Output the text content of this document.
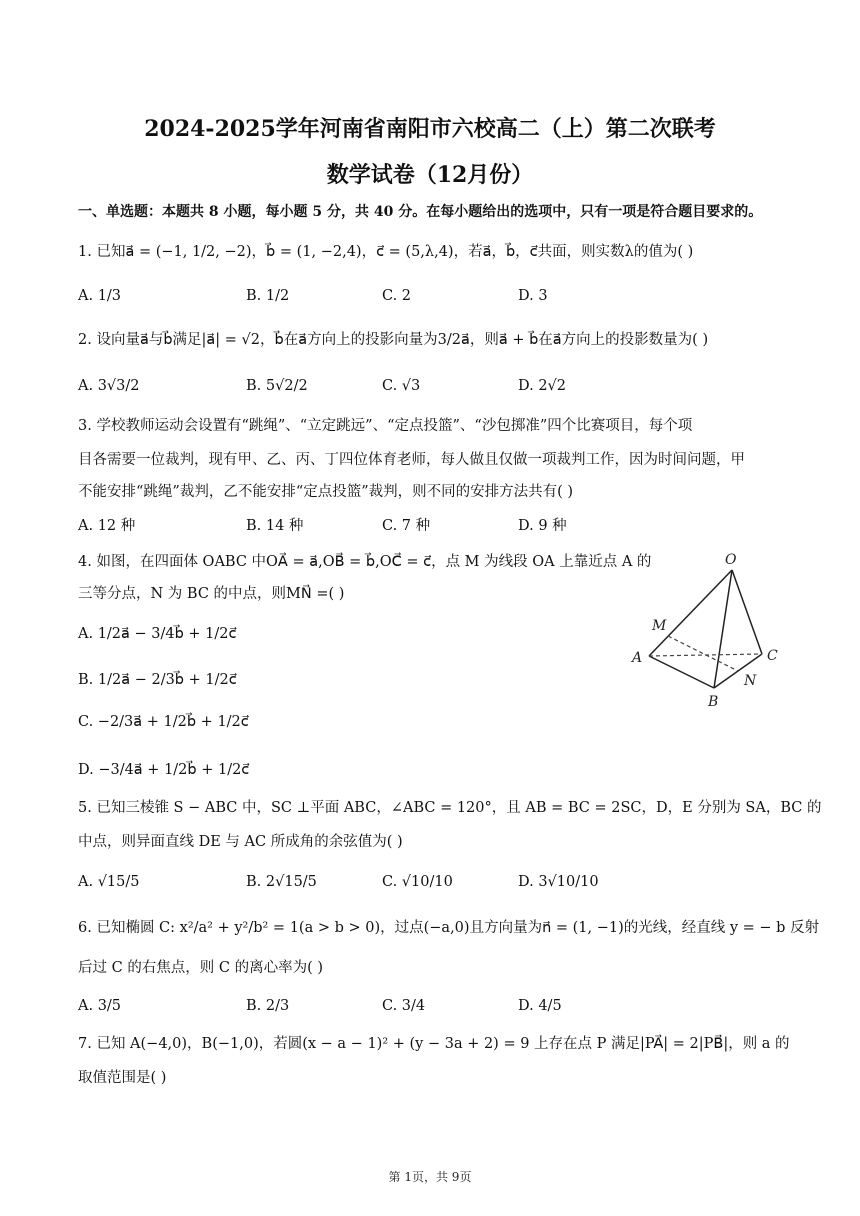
2024-2025学年河南省南阳市六校高二（上）第二次联考
数学试卷（12月份）
一、单选题：本题共 8 小题，每小题 5 分，共 40 分。在每小题给出的选项中，只有一项是符合题目要求的。
1. 已知a⃗ = (−1, 1/2, −2)，b⃗ = (1, −2,4)，c⃗ = (5,λ,4)，若a⃗，b⃗，c⃗共面，则实数λ的值为( )
A. 1/3	B. 1/2	C. 2	D. 3
2. 设向量a⃗与b⃗满足|a⃗| = √2，b⃗在a⃗方向上的投影向量为3/2a⃗，则a⃗ + b⃗在a⃗方向上的投影数量为( )
A. 3√3/2	B. 5√2/2	C. √3	D. 2√2
3. 学校教师运动会设置有“跳绳”、“立定跳远”、“定点投篮”、“沙包掷准”四个比赛项目，每个项
目各需要一位裁判，现有甲、乙、丙、丁四位体育老师，每人做且仅做一项裁判工作，因为时间问题，甲
不能安排“跳绳”裁判，乙不能安排“定点投篮”裁判，则不同的安排方法共有( )
A. 12 种	B. 14 种	C. 7 种	D. 9 种
4. 如图，在四面体 OABC 中OA⃗ = a⃗,OB⃗ = b⃗,OC⃗ = c⃗，点 M 为线段 OA 上靠近点 A 的
三等分点，N 为 BC 的中点，则MN⃗ =( )
A. 1/2a⃗ − 3/4b⃗ + 1/2c⃗
B. 1/2a⃗ − 2/3b⃗ + 1/2c⃗
C. −2/3a⃗ + 1/2b⃗ + 1/2c⃗
D. −3/4a⃗ + 1/2b⃗ + 1/2c⃗
O
M
A	C
N
B
5. 已知三棱锥 S − ABC 中，SC ⊥平面 ABC，∠ABC = 120°，且 AB = BC = 2SC，D，E 分别为 SA，BC 的
中点，则异面直线 DE 与 AC 所成角的余弦值为( )
A. √15/5	B. 2√15/5	C. √10/10	D. 3√10/10
6. 已知椭圆 C: x²/a² + y²/b² = 1(a > b > 0)，过点(−a,0)且方向量为n⃗ = (1, −1)的光线，经直线 y = − b 反射
后过 C 的右焦点，则 C 的离心率为( )
A. 3/5	B. 2/3	C. 3/4	D. 4/5
7. 已知 A(−4,0)，B(−1,0)，若圆(x − a − 1)² + (y − 3a + 2) = 9 上存在点 P 满足|PA⃗| = 2|PB⃗|，则 a 的
取值范围是( )
第 1页，共 9页
